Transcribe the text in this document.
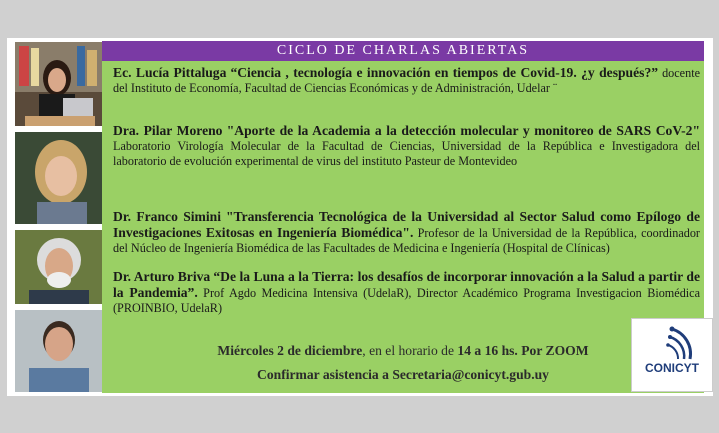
CICLO DE CHARLAS ABIERTAS
Ec. Lucía Pittaluga “Ciencia , tecnología e innovación en tiempos de Covid-19. ¿y después?” docente del Instituto de Economía, Facultad de Ciencias Económicas y de Administración, Udelar ¨
Dra. Pilar Moreno "Aporte de la Academia a la detección molecular y monitoreo de SARS CoV-2" Laboratorio Virología Molecular de la Facultad de Ciencias, Universidad de la República e Investigadora del laboratorio de evolución experimental de virus del instituto Pasteur de Montevideo
Dr. Franco Simini "Transferencia Tecnológica de la Universidad al Sector Salud como Epílogo de Investigaciones Exitosas en Ingeniería Biomédica". Profesor de la Universidad de la República, coordinador del Núcleo de Ingeniería Biomédica de las Facultades de Medicina e Ingeniería (Hospital de Clínicas)
Dr. Arturo Briva “De la Luna a la Tierra: los desafíos de incorporar innovación a la Salud a partir de la Pandemia”. Prof Agdo Medicina Intensiva (UdelaR), Director Académico Programa Investigacion Biomédica (PROINBIO, UdelaR)
Miércoles 2 de diciembre, en el horario de 14 a 16 hs. Por ZOOM
Confirmar asistencia a Secretaria@conicyt.gub.uy	CONICYT
